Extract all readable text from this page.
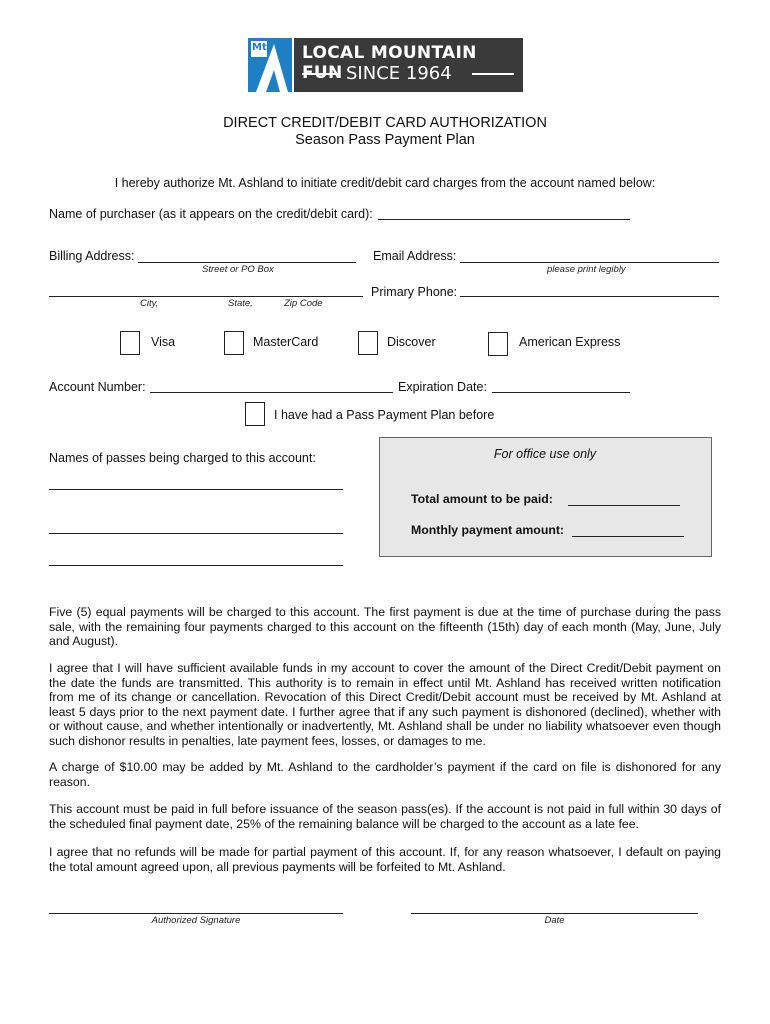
Mt LOCAL MOUNTAIN FUN SINCE 1964
DIRECT CREDIT/DEBIT CARD AUTHORIZATION
Season Pass Payment Plan
I hereby authorize Mt. Ashland to initiate credit/debit card charges from the account named below:
Name of purchaser (as it appears on the credit/debit card):
Billing Address:
Street or PO Box
Email Address:
please print legibly
City,	State,	Zip Code
Primary Phone:
Visa	MasterCard	Discover	American Express
Account Number:	Expiration Date:
I have had a Pass Payment Plan before
Names of passes being charged to this account:	For office use only
Total amount to be paid:
Monthly payment amount:
Five (5) equal payments will be charged to this account. The first payment is due at the time of purchase during the pass sale, with the remaining four payments charged to this account on the fifteenth (15th) day of each month (May, June, July and August).
I agree that I will have sufficient available funds in my account to cover the amount of the Direct Credit/Debit payment on the date the funds are transmitted. This authority is to remain in effect until Mt. Ashland has received written notification from me of its change or cancellation. Revocation of this Direct Credit/Debit account must be received by Mt. Ashland at least 5 days prior to the next payment date. I further agree that if any such payment is dishonored (declined), whether with or without cause, and whether intentionally or inadvertently, Mt. Ashland shall be under no liability whatsoever even though such dishonor results in penalties, late payment fees, losses, or damages to me.
A charge of $10.00 may be added by Mt. Ashland to the cardholder’s payment if the card on file is dishonored for any reason.
This account must be paid in full before issuance of the season pass(es). If the account is not paid in full within 30 days of the scheduled final payment date, 25% of the remaining balance will be charged to the account as a late fee.
I agree that no refunds will be made for partial payment of this account. If, for any reason whatsoever, I default on paying the total amount agreed upon, all previous payments will be forfeited to Mt. Ashland.
Authorized Signature	Date
